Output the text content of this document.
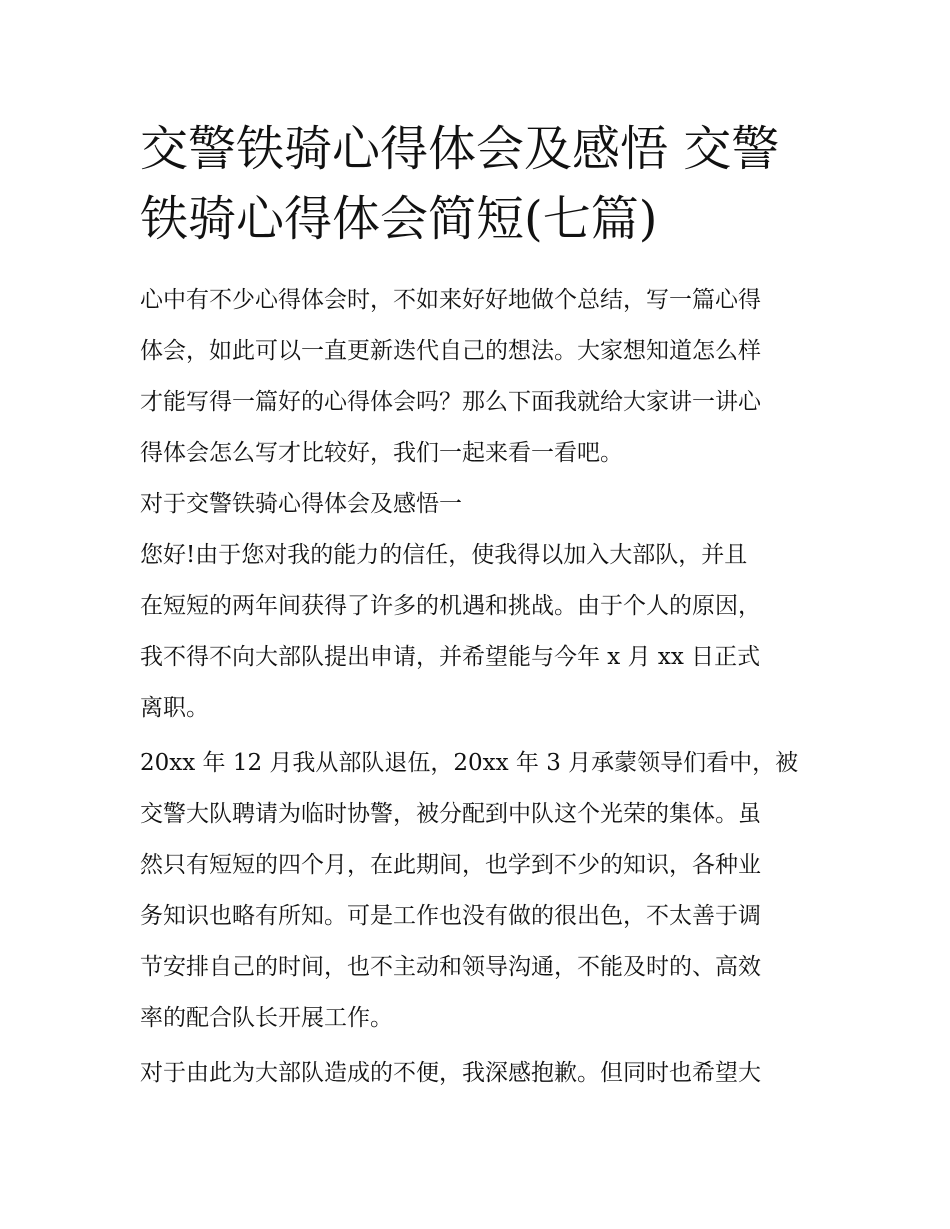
交警铁骑心得体会及感悟 交警
铁骑心得体会简短(七篇)
心中有不少心得体会时，不如来好好地做个总结，写一篇心得
体会，如此可以一直更新迭代自己的想法。大家想知道怎么样
才能写得一篇好的心得体会吗？那么下面我就给大家讲一讲心
得体会怎么写才比较好，我们一起来看一看吧。
对于交警铁骑心得体会及感悟一
您好!由于您对我的能力的信任，使我得以加入大部队，并且
在短短的两年间获得了许多的机遇和挑战。由于个人的原因，
我不得不向大部队提出申请，并希望能与今年 x 月 xx 日正式
离职。
20xx 年 12 月我从部队退伍，20xx 年 3 月承蒙领导们看中，被
交警大队聘请为临时协警，被分配到中队这个光荣的集体。虽
然只有短短的四个月，在此期间，也学到不少的知识，各种业
务知识也略有所知。可是工作也没有做的很出色，不太善于调
节安排自己的时间，也不主动和领导沟通，不能及时的、高效
率的配合队长开展工作。
对于由此为大部队造成的不便，我深感抱歉。但同时也希望大
